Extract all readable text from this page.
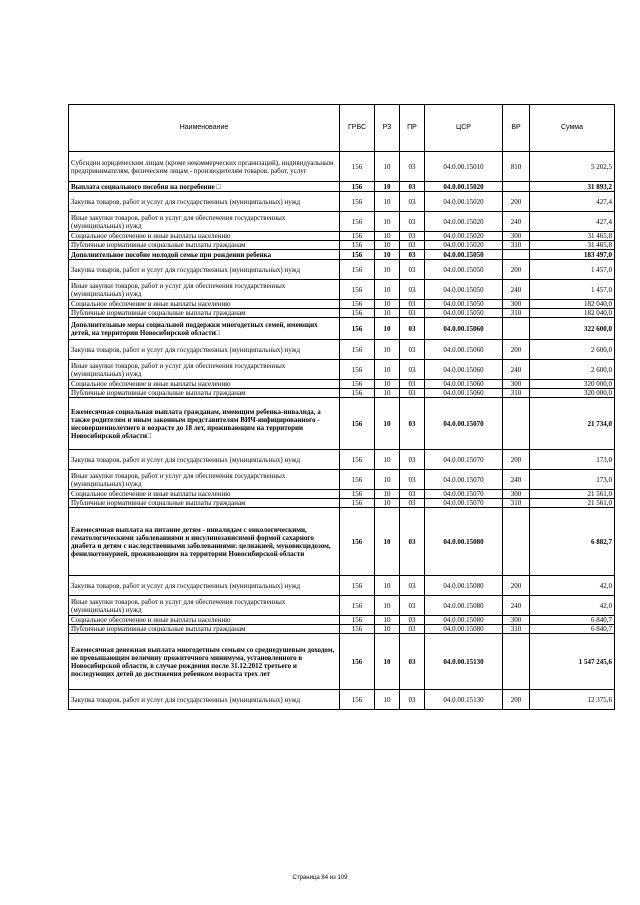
Наименование	ГРБС	РЗ	ПР	ЦСР	ВР	Сумма
Субсидии юридическим лицам (кроме некоммерческих организаций), индивидуальным предпринимателям, физическим лицам - производителям товаров, работ, услуг	156	10	03	04.0.00.15010	810	5 202,5
Выплата социального пособия на погребение □	156	10	03	04.0.00.15020		31 893,2
Закупка товаров, работ и услуг для государственных (муниципальных) нужд	156	10	03	04.0.00.15020	200	427,4
Иные закупки товаров, работ и услуг для обеспечения государственных (муниципальных) нужд	156	10	03	04.0.00.15020	240	427,4
Социальное обеспечение и иные выплаты населению	156	10	03	04.0.00.15020	300	31 465,8
Публичные нормативные социальные выплаты гражданам	156	10	03	04.0.00.15020	310	31 465,8
Дополнительное пособие молодой семье при рождении ребенка	156	10	03	04.0.00.15050		183 497,0
Закупка товаров, работ и услуг для государственных (муниципальных) нужд	156	10	03	04.0.00.15050	200	1 457,0
Иные закупки товаров, работ и услуг для обеспечения государственных (муниципальных) нужд	156	10	03	04.0.00.15050	240	1 457,0
Социальное обеспечение и иные выплаты населению	156	10	03	04.0.00.15050	300	182 040,0
Публичные нормативные социальные выплаты гражданам	156	10	03	04.0.00.15050	310	182 040,0
Дополнительные меры социальной поддержки многодетных семей, имеющих детей, на территории Новосибирской области□	156	10	03	04.0.00.15060		322 600,0
Закупка товаров, работ и услуг для государственных (муниципальных) нужд	156	10	03	04.0.00.15060	200	2 600,0
Иные закупки товаров, работ и услуг для обеспечения государственных (муниципальных) нужд	156	10	03	04.0.00.15060	240	2 600,0
Социальное обеспечение и иные выплаты населению	156	10	03	04.0.00.15060	300	320 000,0
Публичные нормативные социальные выплаты гражданам	156	10	03	04.0.00.15060	310	320 000,0
Ежемесячная социальная выплата гражданам, имеющим ребенка-инвалида, а также родителям и иным законным представителям ВИЧ-инфицированного - несовершеннолетнего в возрасте до 18 лет, проживающим на территории Новосибирской области□	156	10	03	04.0.00.15070		21 734,0
Закупка товаров, работ и услуг для государственных (муниципальных) нужд	156	10	03	04.0.00.15070	200	173,0
Иные закупки товаров, работ и услуг для обеспечения государственных (муниципальных) нужд	156	10	03	04.0.00.15070	240	173,0
Социальное обеспечение и иные выплаты населению	156	10	03	04.0.00.15070	300	21 561,0
Публичные нормативные социальные выплаты гражданам	156	10	03	04.0.00.15070	310	21 561,0
Ежемесячная выплата на питание детям - инвалидам с онкологическими, гематологическими заболеваниями и инсулинозависимой формой сахарного диабета и детям с наследственными заболеваниями: целиакией, муковисцидозом, фенилкетонурией, проживающим на территории Новосибирской области	156	10	03	04.0.00.15080		6 882,7
Закупка товаров, работ и услуг для государственных (муниципальных) нужд	156	10	03	04.0.00.15080	200	42,0
Иные закупки товаров, работ и услуг для обеспечения государственных (муниципальных) нужд	156	10	03	04.0.00.15080	240	42,0
Социальное обеспечение и иные выплаты населению	156	10	03	04.0.00.15080	300	6 840,7
Публичные нормативные социальные выплаты гражданам	156	10	03	04.0.00.15080	310	6 840,7
Ежемесячная денежная выплата многодетным семьям со среднедушевым доходом, не превышающим величину прожиточного минимума, установленного в Новосибирской области, в случае рождения после 31.12.2012 третьего и последующих детей до достижения ребенком возраста трех лет	156	10	03	04.0.00.15130		1 547 245,6
Закупка товаров, работ и услуг для государственных (муниципальных) нужд	156	10	03	04.0.00.15130	200	12 375,6
Страница 84 из 109
